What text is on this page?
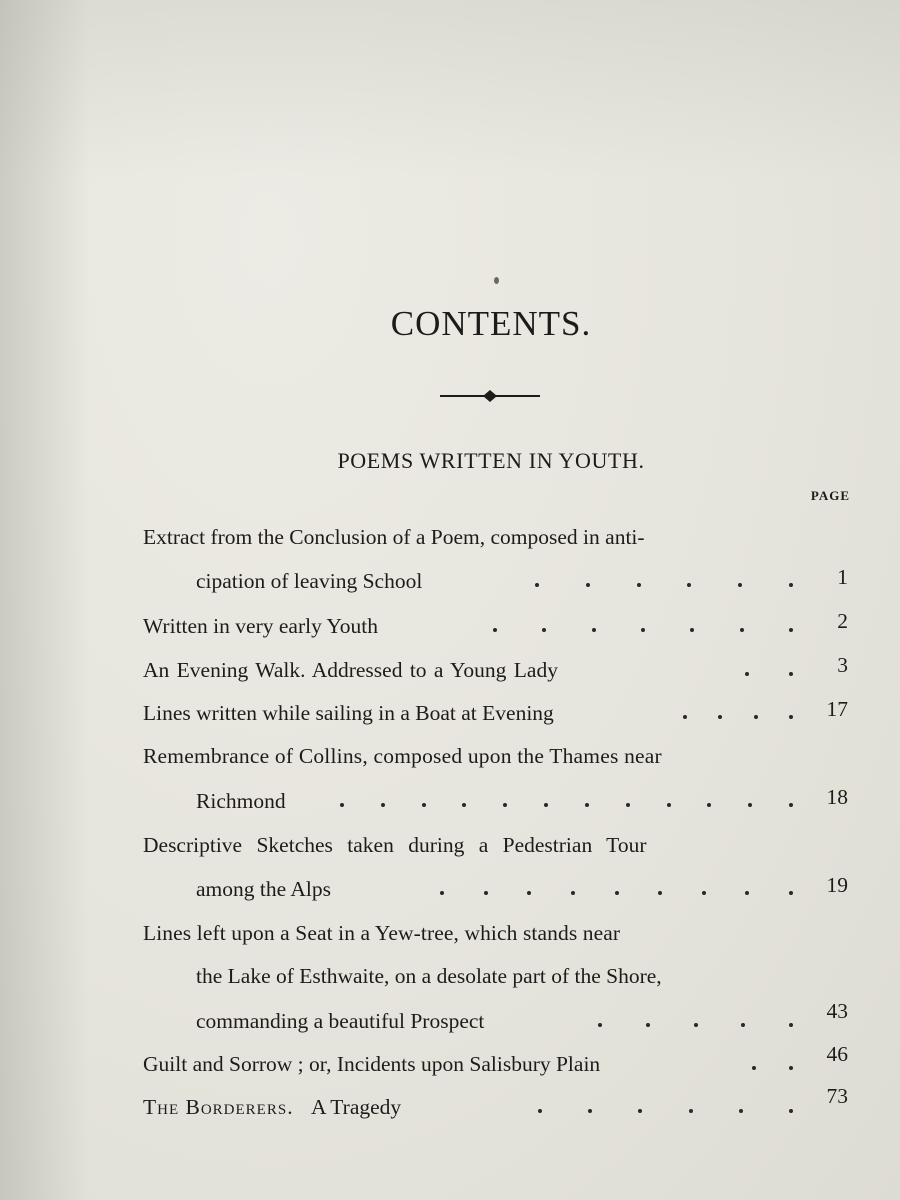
CONTENTS.
POEMS WRITTEN IN YOUTH.
PAGE
Extract from the Conclusion of a Poem, composed in anti-
cipation of leaving School	1
Written in very early Youth	2
An Evening Walk. Addressed to a Young Lady	3
Lines written while sailing in a Boat at Evening	17
Remembrance of Collins, composed upon the Thames near
Richmond	18
Descriptive Sketches taken during a Pedestrian Tour
among the Alps	19
Lines left upon a Seat in a Yew-tree, which stands near
the Lake of Esthwaite, on a desolate part of the Shore,
commanding a beautiful Prospect	43
Guilt and Sorrow ; or, Incidents upon Salisbury Plain	46
The Borderers. A Tragedy	73
